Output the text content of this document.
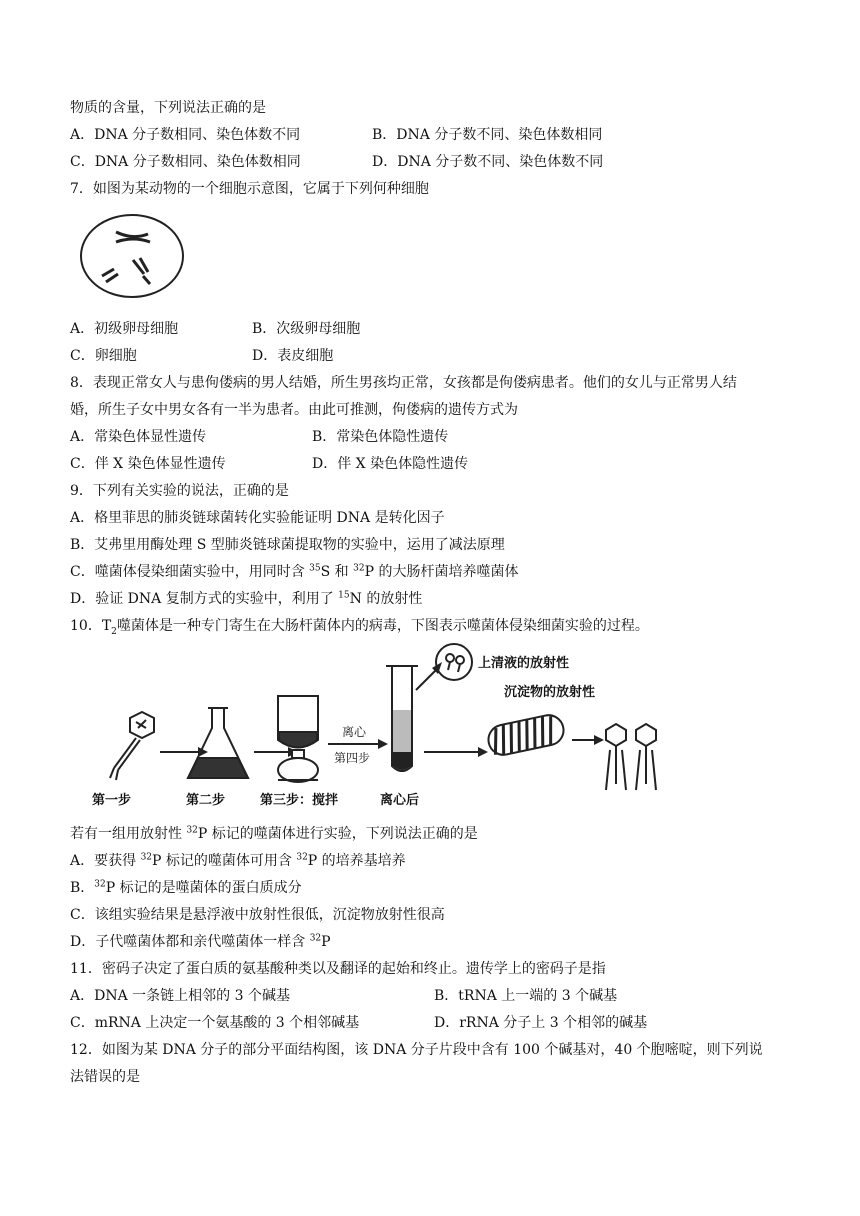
物质的含量，下列说法正确的是
A．DNA 分子数相同、染色体数不同	B．DNA 分子数不同、染色体数相同
C．DNA 分子数相同、染色体数相同	D．DNA 分子数不同、染色体数不同
7．如图为某动物的一个细胞示意图，它属于下列何种细胞
A．初级卵母细胞	B．次级卵母细胞
C．卵细胞	D．表皮细胞
8．表现正常女人与患佝偻病的男人结婚，所生男孩均正常，女孩都是佝偻病患者。他们的女儿与正常男人结
婚，所生子女中男女各有一半为患者。由此可推测，佝偻病的遗传方式为
A．常染色体显性遗传	B．常染色体隐性遗传
C．伴 X 染色体显性遗传	D．伴 X 染色体隐性遗传
9．下列有关实验的说法，正确的是
A．格里菲思的肺炎链球菌转化实验能证明 DNA 是转化因子
B．艾弗里用酶处理 S 型肺炎链球菌提取物的实验中，运用了减法原理
C．噬菌体侵染细菌实验中，用同时含 $^{35}$S 和 $^{32}$P 的大肠杆菌培养噬菌体
D．验证 DNA 复制方式的实验中，利用了 $^{15}$N 的放射性
10．$T_2$噬菌体是一种专门寄生在大肠杆菌体内的病毒，下图表示噬菌体侵染细菌实验的过程。
离心
第四步
上清液的放射性
沉淀物的放射性
第一步	第二步	第三步：搅拌	离心后
若有一组用放射性 $^{32}$P 标记的噬菌体进行实验，下列说法正确的是
A．要获得 $^{32}$P 标记的噬菌体可用含 $^{32}$P 的培养基培养
B．$^{32}$P 标记的是噬菌体的蛋白质成分
C．该组实验结果是悬浮液中放射性很低，沉淀物放射性很高
D．子代噬菌体都和亲代噬菌体一样含 $^{32}$P
11．密码子决定了蛋白质的氨基酸种类以及翻译的起始和终止。遗传学上的密码子是指
A．DNA 一条链上相邻的 3 个碱基	B．tRNA 上一端的 3 个碱基
C．mRNA 上决定一个氨基酸的 3 个相邻碱基	D．rRNA 分子上 3 个相邻的碱基
12．如图为某 DNA 分子的部分平面结构图，该 DNA 分子片段中含有 100 个碱基对，40 个胞嘧啶，则下列说
法错误的是
